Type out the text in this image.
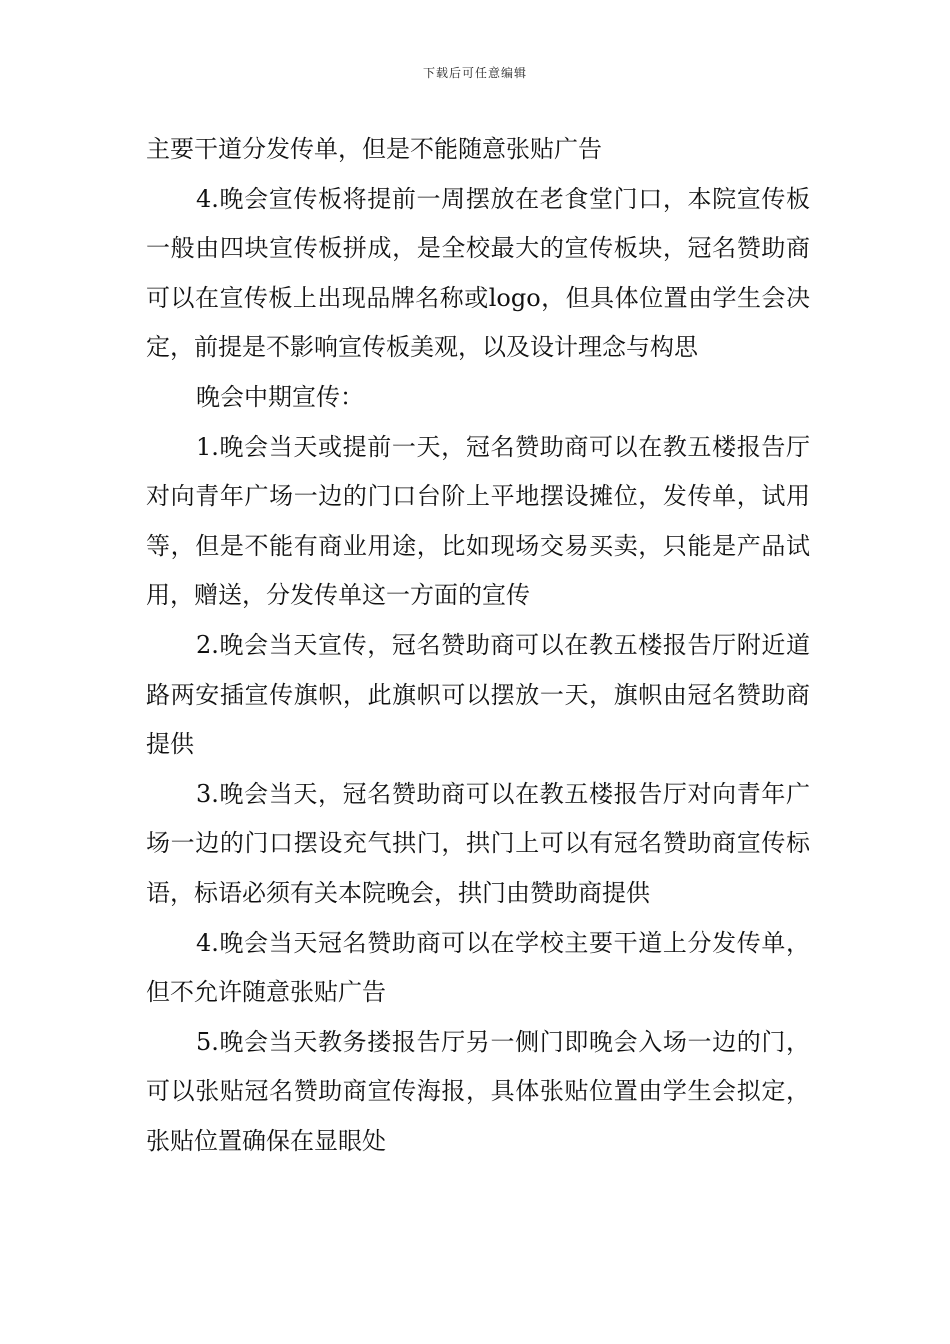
下载后可任意编辑

主要干道分发传单，但是不能随意张贴广告

4.晚会宣传板将提前一周摆放在老食堂门口，本院宣传板一般由四块宣传板拼成，是全校最大的宣传板块，冠名赞助商可以在宣传板上出现品牌名称或logo，但具体位置由学生会决定，前提是不影响宣传板美观，以及设计理念与构思

晚会中期宣传：

1.晚会当天或提前一天，冠名赞助商可以在教五楼报告厅对向青年广场一边的门口台阶上平地摆设摊位，发传单，试用等，但是不能有商业用途，比如现场交易买卖，只能是产品试用，赠送，分发传单这一方面的宣传

2.晚会当天宣传，冠名赞助商可以在教五楼报告厅附近道路两安插宣传旗帜，此旗帜可以摆放一天，旗帜由冠名赞助商提供

3.晚会当天，冠名赞助商可以在教五楼报告厅对向青年广场一边的门口摆设充气拱门，拱门上可以有冠名赞助商宣传标语，标语必须有关本院晚会，拱门由赞助商提供

4.晚会当天冠名赞助商可以在学校主要干道上分发传单，但不允许随意张贴广告

5.晚会当天教务搂报告厅另一侧门即晚会入场一边的门，可以张贴冠名赞助商宣传海报，具体张贴位置由学生会拟定，张贴位置确保在显眼处
